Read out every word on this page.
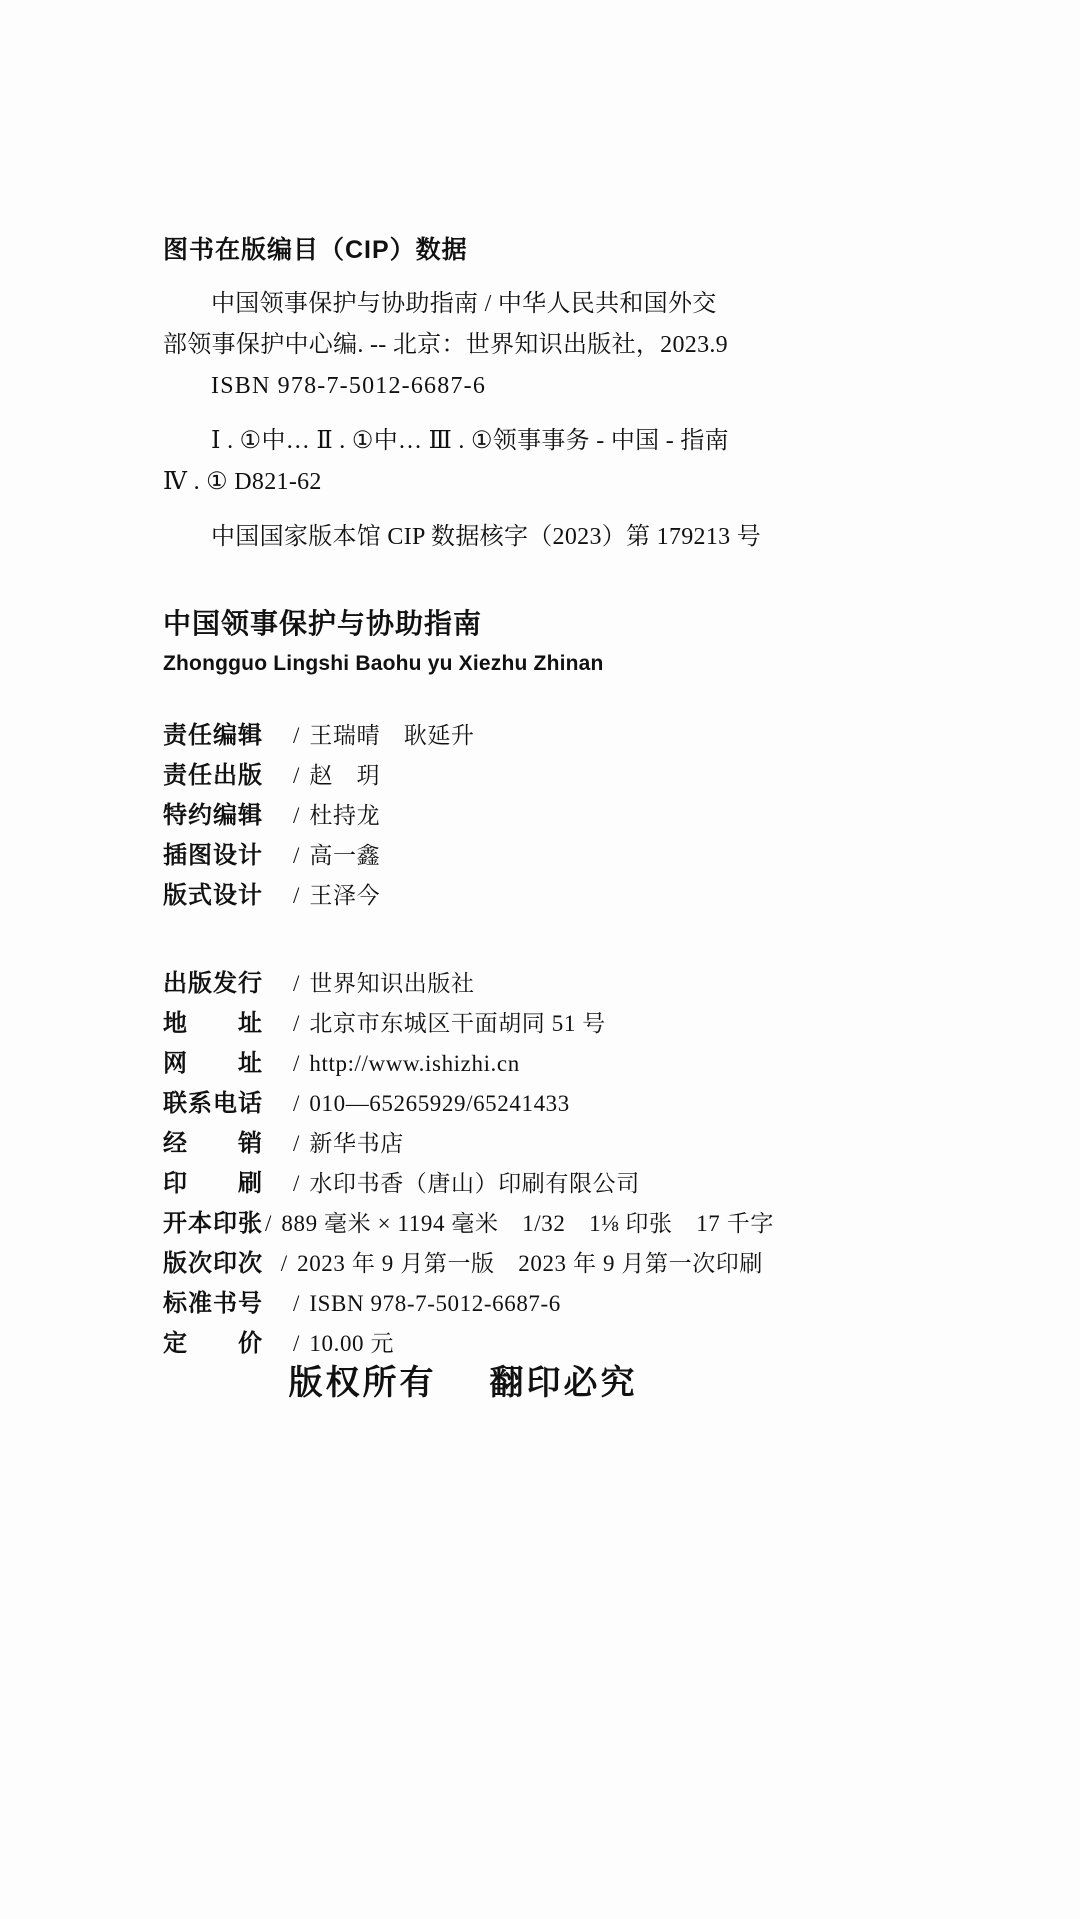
图书在版编目（CIP）数据
中国领事保护与协助指南 / 中华人民共和国外交部领事保护中心编. -- 北京：世界知识出版社，2023.9
ISBN 978-7-5012-6687-6
Ⅰ . ①中… Ⅱ . ①中… Ⅲ . ①领事事务 - 中国 - 指南
Ⅳ . ① D821-62
中国国家版本馆 CIP 数据核字（2023）第 179213 号
中国领事保护与协助指南
Zhongguo Lingshi Baohu yu Xiezhu Zhinan
责任编辑	/ 王瑞晴　耿延升
责任出版	/ 赵　玥
特约编辑	/ 杜持龙
插图设计	/ 高一鑫
版式设计	/ 王泽今
出版发行	/ 世界知识出版社
地　　址	/ 北京市东城区干面胡同 51 号
网　　址	/ http://www.ishizhi.cn
联系电话	/ 010—65265929/65241433
经　　销	/ 新华书店
印　　刷	/ 水印书香（唐山）印刷有限公司
开本印张 / 889 毫米 × 1194 毫米　1/32　1⅛ 印张　17 千字
版次印次 / 2023 年 9 月第一版　2023 年 9 月第一次印刷
标准书号	/ ISBN 978-7-5012-6687-6
定　　价	/ 10.00 元
版权所有 翻印必究
